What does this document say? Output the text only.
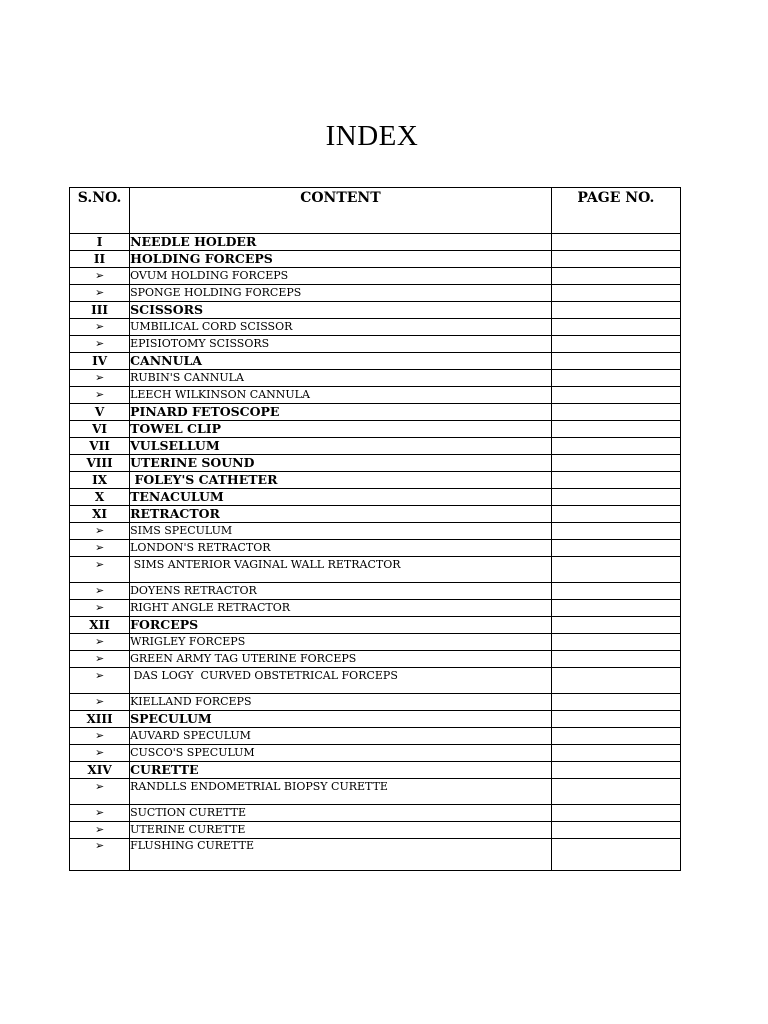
INDEX
S.NO.	CONTENT	PAGE NO.
I	NEEDLE HOLDER	
II	HOLDING FORCEPS	
➢	OVUM HOLDING FORCEPS	
➢	SPONGE HOLDING FORCEPS	
III	SCISSORS	
➢	UMBILICAL CORD SCISSOR	
➢	EPISIOTOMY SCISSORS	
IV	CANNULA	
➢	RUBIN'S CANNULA	
➢	LEECH WILKINSON CANNULA	
V	PINARD FETOSCOPE	
VI	TOWEL CLIP	
VII	VULSELLUM	
VIII	UTERINE SOUND	
IX	FOLEY'S CATHETER	
X	TENACULUM	
XI	RETRACTOR	
➢	SIMS SPECULUM	
➢	LONDON'S RETRACTOR	
➢	SIMS ANTERIOR VAGINAL WALL RETRACTOR	
➢	DOYENS RETRACTOR	
➢	RIGHT ANGLE RETRACTOR	
XII	FORCEPS	
➢	WRIGLEY FORCEPS	
➢	GREEN ARMY TAG UTERINE FORCEPS	
➢	DAS LOGY  CURVED OBSTETRICAL FORCEPS	
➢	KIELLAND FORCEPS	
XIII	SPECULUM	
➢	AUVARD SPECULUM	
➢	CUSCO'S SPECULUM	
XIV	CURETTE	
➢	RANDLLS ENDOMETRIAL BIOPSY CURETTE	
➢	SUCTION CURETTE	
➢	UTERINE CURETTE	
➢	FLUSHING CURETTE	
